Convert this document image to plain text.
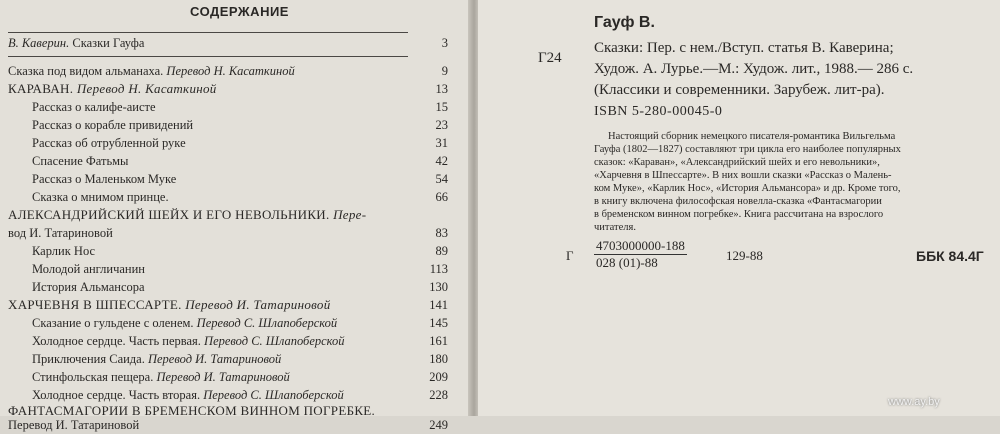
СОДЕРЖАНИЕ
В. Каверин. Сказки Гауфа	3
Сказка под видом альманаха. Перевод Н. Касаткиной	9
КАРАВАН. Перевод Н. Касаткиной	13
Рассказ о калифе-аисте	15
Рассказ о корабле привидений	23
Рассказ об отрубленной руке	31
Спасение Фатьмы	42
Рассказ о Маленьком Муке	54
Сказка о мнимом принце.	66
АЛЕКСАНДРИЙСКИЙ ШЕЙХ И ЕГО НЕВОЛЬНИКИ. Пере-
вод И. Татариновой	83
Карлик Нос	89
Молодой англичанин	113
История Альмансора	130
ХАРЧЕВНЯ В ШПЕССАРТЕ. Перевод И. Татариновой	141
Сказание о гульдене с оленем. Перевод С. Шлапоберской	145
Холодное сердце. Часть первая. Перевод С. Шлапоберской	161
Приключения Саида. Перевод И. Татариновой	180
Стинфольская пещера. Перевод И. Татариновой	209
Холодное сердце. Часть вторая. Перевод С. Шлапоберской	228
ФАНТАСМАГОРИИ В БРЕМЕНСКОМ ВИННОМ ПОГРЕБКЕ.
Перевод И. Татариновой	249
Гауф В.
Г24
Сказки: Пер. с нем./Вступ. статья В. Каверина;
Худож. А. Лурье.—М.: Худож. лит., 1988.— 286 с.
(Классики и современники. Зарубеж. лит-ра).
ISBN 5-280-00045-0
Настоящий сборник немецкого писателя-романтика Вильгельма
Гауфа (1802—1827) составляют три цикла его наиболее популярных
сказок: «Караван», «Александрийский шейх и его невольники»,
«Харчевня в Шпессарте». В них вошли сказки «Рассказ о Малень-
ком Муке», «Карлик Нос», «История Альмансора» и др. Кроме того,
в книгу включена философская новелла-сказка «Фантасмагории
в бременском винном погребке». Книга рассчитана на взрослого
читателя.
Г $\frac{4703000000-188}{028 (01)-88}$	129-88	ББК 84.4Г
www.ay.by
